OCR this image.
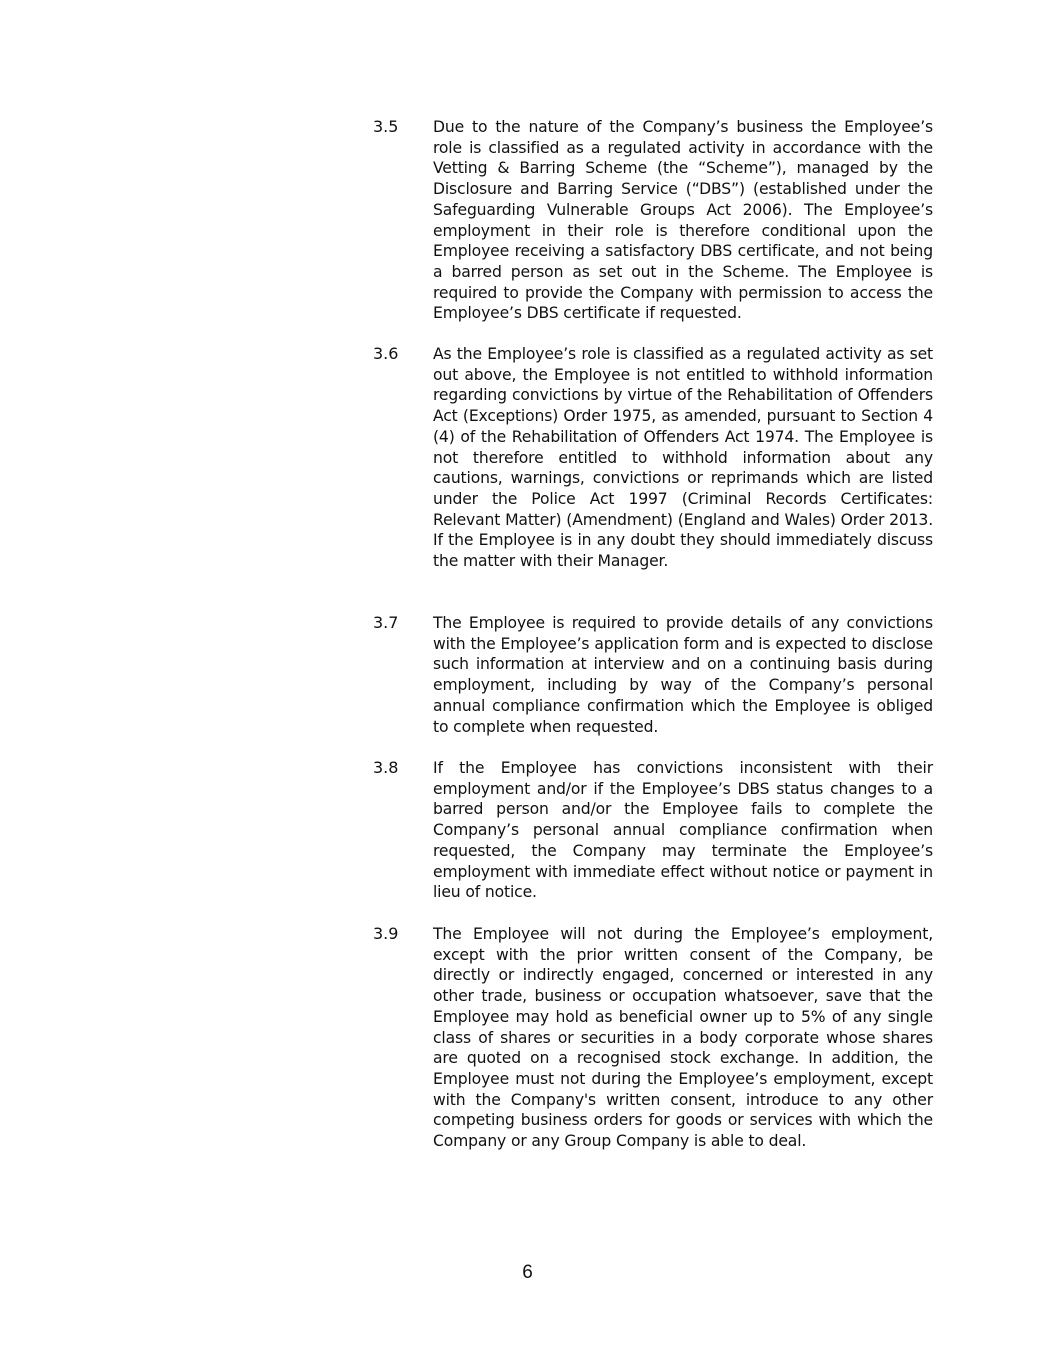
3.5	Due to the nature of the Company’s business the Employee’s role is classified as a regulated activity in accordance with the Vetting & Barring Scheme (the “Scheme”), managed by the Disclosure and Barring Service (“DBS”) (established under the Safeguarding Vulnerable Groups Act 2006). The Employee’s employment in their role is therefore conditional upon the Employee receiving a satisfactory DBS certificate, and not being a barred person as set out in the Scheme. The Employee is required to provide the Company with permission to access the Employee’s DBS certificate if requested.
3.6	As the Employee’s role is classified as a regulated activity as set out above, the Employee is not entitled to withhold information regarding convictions by virtue of the Rehabilitation of Offenders Act (Exceptions) Order 1975, as amended, pursuant to Section 4 (4) of the Rehabilitation of Offenders Act 1974. The Employee is not therefore entitled to withhold information about any cautions, warnings, convictions or reprimands which are listed under the Police Act 1997 (Criminal Records Certificates: Relevant Matter) (Amendment) (England and Wales) Order 2013. If the Employee is in any doubt they should immediately discuss the matter with their Manager.
3.7	The Employee is required to provide details of any convictions with the Employee’s application form and is expected to disclose such information at interview and on a continuing basis during employment, including by way of the Company’s personal annual compliance confirmation which the Employee is obliged to complete when requested.
3.8	If the Employee has convictions inconsistent with their employment and/or if the Employee’s DBS status changes to a barred person and/or the Employee fails to complete the Company’s personal annual compliance confirmation when requested, the Company may terminate the Employee’s employment with immediate effect without notice or payment in lieu of notice.
3.9	The Employee will not during the Employee’s employment, except with the prior written consent of the Company, be directly or indirectly engaged, concerned or interested in any other trade, business or occupation whatsoever, save that the Employee may hold as beneficial owner up to 5% of any single class of shares or securities in a body corporate whose shares are quoted on a recognised stock exchange. In addition, the Employee must not during the Employee’s employment, except with the Company's written consent, introduce to any other competing business orders for goods or services with which the Company or any Group Company is able to deal.
6
